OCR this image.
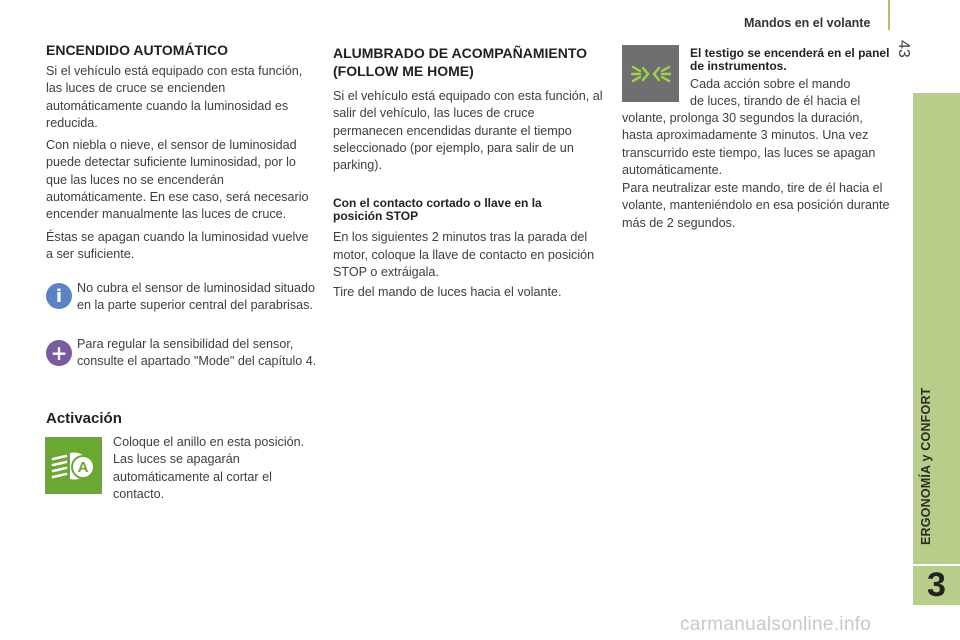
Mandos en el volante
43
ERGONOMÍA y CONFORT
3
ENCENDIDO AUTOMÁTICO

Si el vehículo está equipado con esta función, las luces de cruce se encienden automáticamente cuando la luminosidad es reducida.

Con niebla o nieve, el sensor de luminosidad puede detectar suficiente luminosidad, por lo que las luces no se encenderán automáticamente. En ese caso, será necesario encender manualmente las luces de cruce.

Éstas se apagan cuando la luminosidad vuelve a ser suficiente.

i	No cubra el sensor de luminosidad situado en la parte superior central del parabrisas.

+ Para regular la sensibilidad del sensor, consulte el apartado "Mode" del capítulo 4.

Activación
A

Coloque el anillo en esta posición. Las luces se apagarán automáticamente al cortar el contacto.

ALUMBRADO DE ACOMPAÑAMIENTO
(FOLLOW ME HOME)

Si el vehículo está equipado con esta función, al salir del vehículo, las luces de cruce permanecen encendidas durante el tiempo seleccionado (por ejemplo, para salir de un parking).

Con el contacto cortado o llave en la posición STOP

En los siguientes 2 minutos tras la parada del motor, coloque la llave de contacto en posición STOP o extráigala.

Tire del mando de luces hacia el volante.

El testigo se encenderá en el panel de instrumentos.

Cada acción sobre el mando

de luces, tirando de él hacia el

volante, prolonga 30 segundos la duración, hasta aproximadamente 3 minutos. Una vez transcurrido este tiempo, las luces se apagan automáticamente.

Para neutralizar este mando, tire de él hacia el volante, manteniéndolo en esa posición durante más de 2 segundos.

carmanualsonline.info
